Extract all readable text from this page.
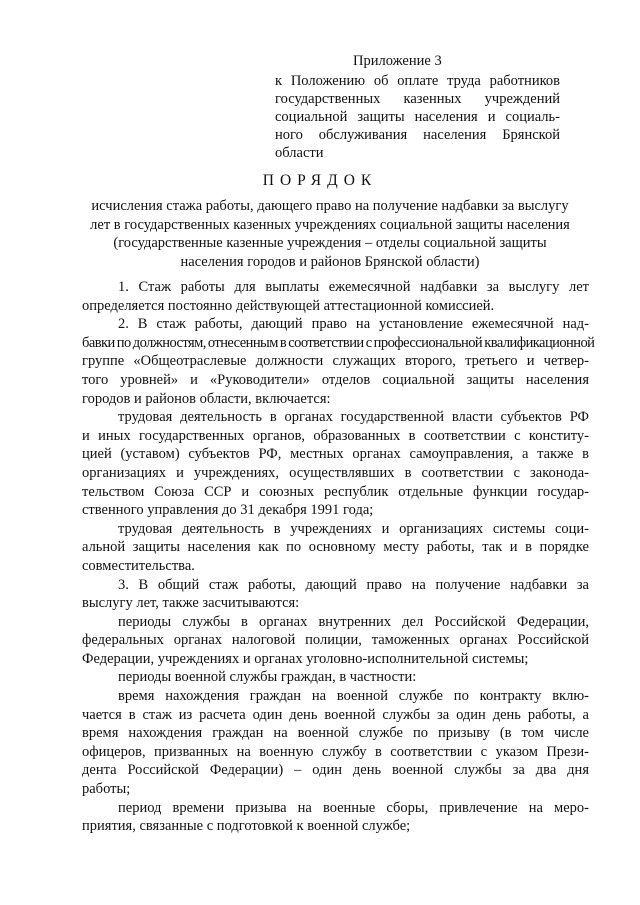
Приложение 3
к Положению об оплате труда работников
государственных казенных учреждений
социальной защиты населения и социаль-
ного обслуживания населения Брянской
области
ПОРЯДОК
исчисления стажа работы, дающего право на получение надбавки за выслугу
лет в государственных казенных учреждениях социальной защиты населения
(государственные казенные учреждения – отделы социальной защиты
населения городов и районов Брянской области)
1. Стаж работы для выплаты ежемесячной надбавки за выслугу лет
определяется постоянно действующей аттестационной комиссией.
2. В стаж работы, дающий право на установление ежемесячной над-
бавки по должностям, отнесенным в соответствии с профессиональной квалификационной
группе «Общеотраслевые должности служащих второго, третьего и четвер-
того уровней» и «Руководители» отделов социальной защиты населения
городов и районов области, включается:
трудовая деятельность в органах государственной власти субъектов РФ
и иных государственных органов, образованных в соответствии с конститу-
цией (уставом) субъектов РФ, местных органах самоуправления, а также в
организациях и учреждениях, осуществлявших в соответствии с законода-
тельством Союза ССР и союзных республик отдельные функции государ-
ственного управления до 31 декабря 1991 года;
трудовая деятельность в учреждениях и организациях системы соци-
альной защиты населения как по основному месту работы, так и в порядке
совместительства.
3. В общий стаж работы, дающий право на получение надбавки за
выслугу лет, также засчитываются:
периоды службы в органах внутренних дел Российской Федерации,
федеральных органах налоговой полиции, таможенных органах Российской
Федерации, учреждениях и органах уголовно-исполнительной системы;
периоды военной службы граждан, в частности:
время нахождения граждан на военной службе по контракту вклю-
чается в стаж из расчета один день военной службы за один день работы, а
время нахождения граждан на военной службе по призыву (в том числе
офицеров, призванных на военную службу в соответствии с указом Прези-
дента Российской Федерации) – один день военной службы за два дня
работы;
период времени призыва на военные сборы, привлечение на меро-
приятия, связанные с подготовкой к военной службе;
